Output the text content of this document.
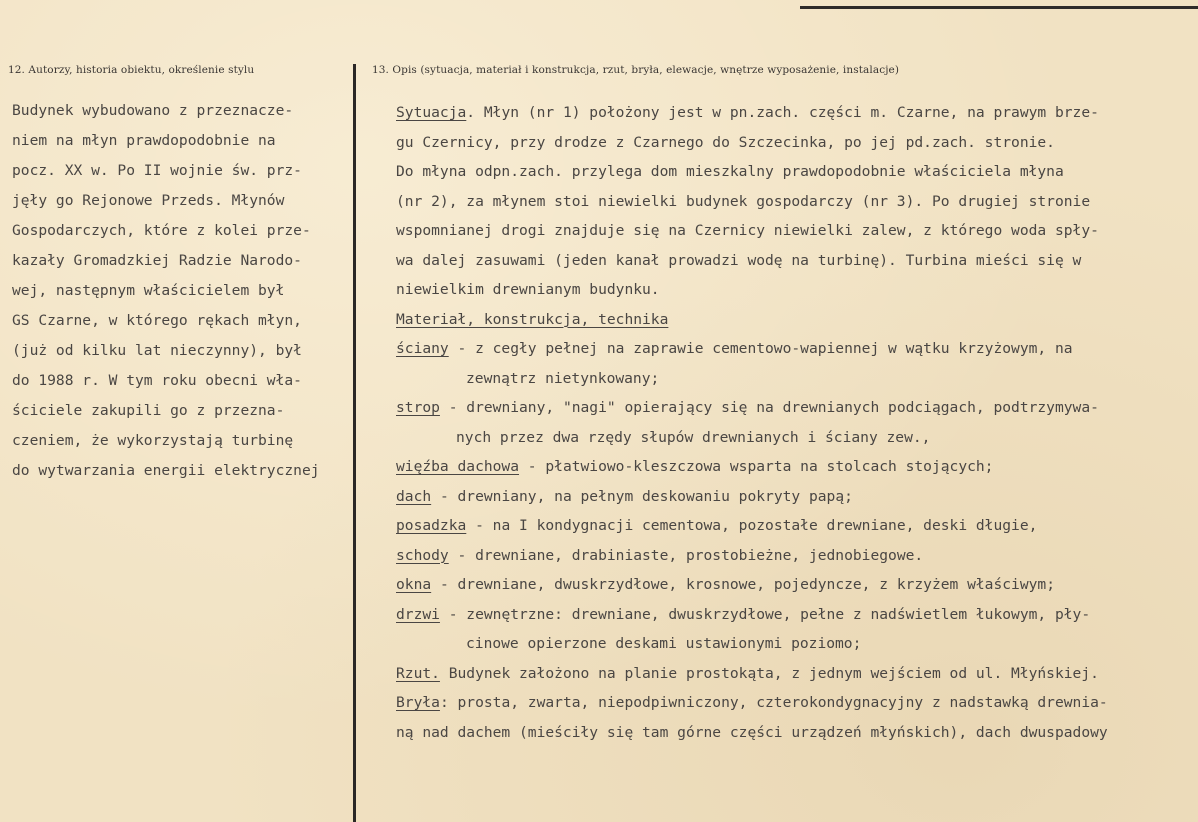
12. Autorzy, historia obiektu, określenie stylu	13. Opis (sytuacja, materiał i konstrukcja, rzut, bryła, elewacje, wnętrze wyposażenie, instalacje)
Budynek wybudowano z przeznacze-
niem na młyn prawdopodobnie na
pocz. XX w. Po II wojnie św. prz-
jęły go Rejonowe Przeds. Młynów
Gospodarczych, które z kolei prze-
kazały Gromadzkiej Radzie Narodo-
wej, następnym właścicielem był
GS Czarne, w którego rękach młyn,
(już od kilku lat nieczynny), był
do 1988 r. W tym roku obecni wła-
ściciele zakupili go z przezna-
czeniem, że wykorzystają turbinę
do wytwarzania energii elektrycznej
Sytuacja. Młyn (nr 1) położony jest w pn.zach. części m. Czarne, na prawym brze-
gu Czernicy, przy drodze z Czarnego do Szczecinka, po jej pd.zach. stronie.
Do młyna odpn.zach. przylega dom mieszkalny prawdopodobnie właściciela młyna
(nr 2), za młynem stoi niewielki budynek gospodarczy (nr 3). Po drugiej stronie
wspomnianej drogi znajduje się na Czernicy niewielki zalew, z którego woda spły-
wa dalej zasuwami (jeden kanał prowadzi wodę na turbinę). Turbina mieści się w
niewielkim drewnianym budynku.
Materiał, konstrukcja, technika
ściany - z cegły pełnej na zaprawie cementowo-wapiennej w wątku krzyżowym, na
zewnątrz nietynkowany;
strop - drewniany, "nagi" opierający się na drewnianych podciągach, podtrzymywa-
nych przez dwa rzędy słupów drewnianych i ściany zew.,
więźba dachowa - płatwiowo-kleszczowa wsparta na stolcach stojących;
dach - drewniany, na pełnym deskowaniu pokryty papą;
posadzka - na I kondygnacji cementowa, pozostałe drewniane, deski długie,
schody - drewniane, drabiniaste, prostobieżne, jednobiegowe.
okna - drewniane, dwuskrzydłowe, krosnowe, pojedyncze, z krzyżem właściwym;
drzwi - zewnętrzne: drewniane, dwuskrzydłowe, pełne z nadświetlem łukowym, pły-
cinowe opierzone deskami ustawionymi poziomo;
Rzut. Budynek założono na planie prostokąta, z jednym wejściem od ul. Młyńskiej.
Bryła: prosta, zwarta, niepodpiwniczony, czterokondygnacyjny z nadstawką drewnia-
ną nad dachem (mieściły się tam górne części urządzeń młyńskich), dach dwuspadowy
